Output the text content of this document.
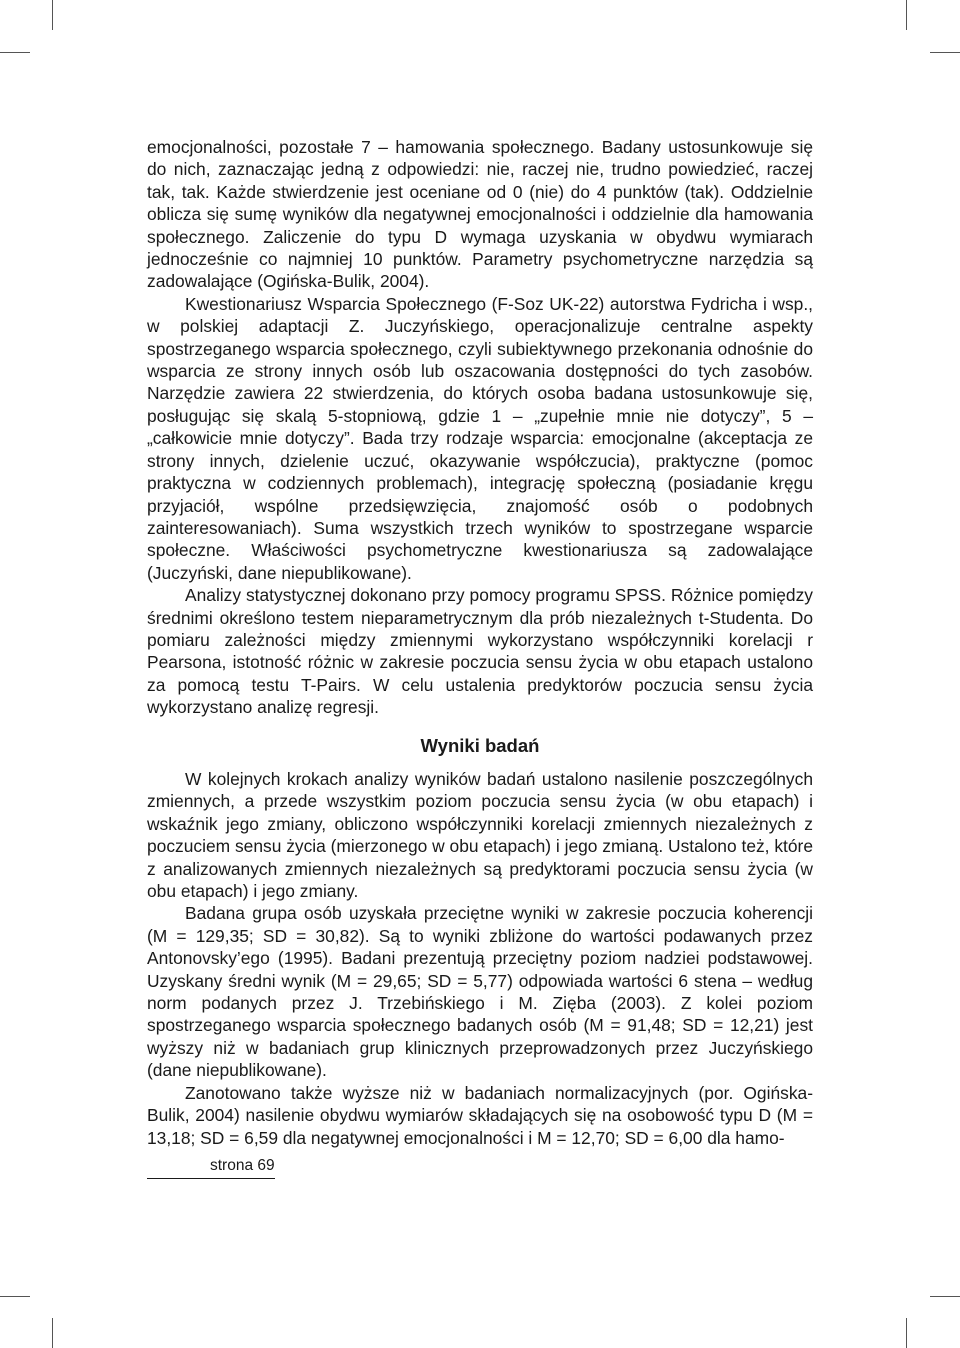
emocjonalności, pozostałe 7 – hamowania społecznego. Badany ustosunkowuje się do nich, zaznaczając jedną z odpowiedzi: nie, raczej nie, trudno powiedzieć, raczej tak, tak. Każde stwierdzenie jest oceniane od 0 (nie) do 4 punktów (tak). Oddzielnie oblicza się sumę wyników dla negatywnej emocjonalności i oddzielnie dla hamowania społecznego. Zaliczenie do typu D wymaga uzyskania w obydwu wymiarach jednocześnie co najmniej 10 punktów. Parametry psychometryczne narzędzia są zadowalające (Ogińska-Bulik, 2004).

Kwestionariusz Wsparcia Społecznego (F-Soz UK-22) autorstwa Fydricha i wsp., w polskiej adaptacji Z. Juczyńskiego, operacjonalizuje centralne aspekty spostrzeganego wsparcia społecznego, czyli subiektywnego przekonania odnośnie do wsparcia ze strony innych osób lub oszacowania dostępności do tych zasobów. Narzędzie zawiera 22 stwierdzenia, do których osoba badana ustosunkowuje się, posługując się skalą 5-stopniową, gdzie 1 – „zupełnie mnie nie dotyczy”, 5 – „całkowicie mnie dotyczy”. Bada trzy rodzaje wsparcia: emocjonalne (akceptacja ze strony innych, dzielenie uczuć, okazywanie współczucia), praktyczne (pomoc praktyczna w codziennych problemach), integrację społeczną (posiadanie kręgu przyjaciół, wspólne przedsięwzięcia, znajomość osób o podobnych zainteresowaniach). Suma wszystkich trzech wyników to spostrzegane wsparcie społeczne. Właściwości psychometryczne kwestionariusza są zadowalające (Juczyński, dane niepublikowane).

Analizy statystycznej dokonano przy pomocy programu SPSS. Różnice pomiędzy średnimi określono testem nieparametrycznym dla prób niezależnych t-Studenta. Do pomiaru zależności między zmiennymi wykorzystano współczynniki korelacji r Pearsona, istotność różnic w zakresie poczucia sensu życia w obu etapach ustalono za pomocą testu T-Pairs. W celu ustalenia predyktorów poczucia sensu życia wykorzystano analizę regresji.

Wyniki badań

W kolejnych krokach analizy wyników badań ustalono nasilenie poszczególnych zmiennych, a przede wszystkim poziom poczucia sensu życia (w obu etapach) i wskaźnik jego zmiany, obliczono współczynniki korelacji zmiennych niezależnych z poczuciem sensu życia (mierzonego w obu etapach) i jego zmianą. Ustalono też, które z analizowanych zmiennych niezależnych są predyktorami poczucia sensu życia (w obu etapach) i jego zmiany.

Badana grupa osób uzyskała przeciętne wyniki w zakresie poczucia koherencji (M = 129,35; SD = 30,82). Są to wyniki zbliżone do wartości podawanych przez Antonovsky’ego (1995). Badani prezentują przeciętny poziom nadziei podstawowej. Uzyskany średni wynik (M = 29,65; SD = 5,77) odpowiada wartości 6 stena – według norm podanych przez J. Trzebińskiego i M. Zięba (2003). Z kolei poziom spostrzeganego wsparcia społecznego badanych osób (M = 91,48; SD = 12,21) jest wyższy niż w badaniach grup klinicznych przeprowadzonych przez Juczyńskiego (dane niepublikowane).

Zanotowano także wyższe niż w badaniach normalizacyjnych (por. Ogińska-Bulik, 2004) nasilenie obydwu wymiarów składających się na osobowość typu D (M = 13,18; SD = 6,59 dla negatywnej emocjonalności i M = 12,70; SD = 6,00 dla hamo-

strona 69
